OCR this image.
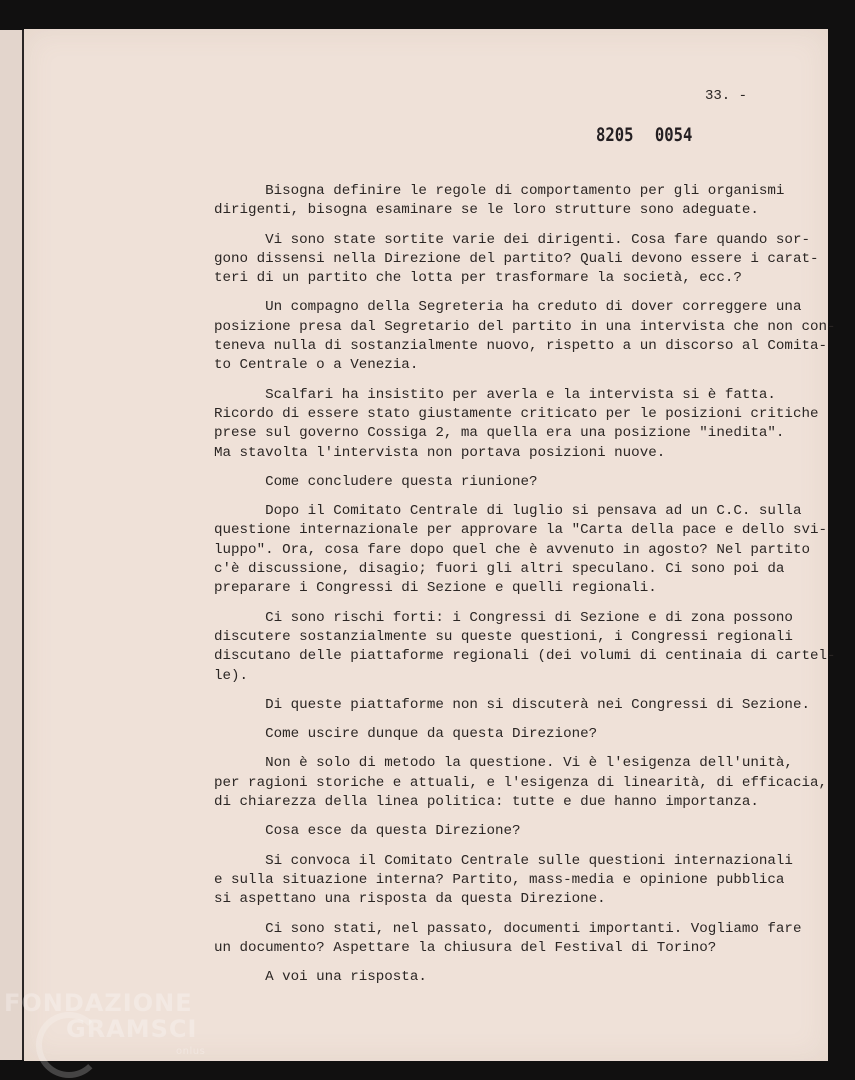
33. -
8205 0054

Bisogna definire le regole di comportamento per gli organismi
dirigenti, bisogna esaminare se le loro strutture sono adeguate.

Vi sono state sortite varie dei dirigenti. Cosa fare quando sor-
gono dissensi nella Direzione del partito? Quali devono essere i carat-
teri di un partito che lotta per trasformare la società, ecc.?

Un compagno della Segreteria ha creduto di dover correggere una
posizione presa dal Segretario del partito in una intervista che non
teneva nulla di sostanzialmente nuovo, rispetto a un discorso al
to Centrale o a Venezia.

Scalfari ha insistito per averla e la intervista si è fatta.
Ricordo di essere stato giustamente criticato per le posizioni critiche
prese sul governo Cossiga 2, ma quella era una posizione "inedita".
Ma stavolta l'intervista non portava posizioni nuove.

Come concludere questa riunione?

Dopo il Comitato Centrale di luglio si pensava ad un C.C. sulla
questione internazionale per approvare la "Carta della pace e dello
luppo". Ora, cosa fare dopo quel che è avvenuto in agosto? Nel partito
c'è discussione, disagio; fuori gli altri speculano. Ci sono poi da
preparare i Congressi di Sezione e quelli regionali.

Ci sono rischi forti: i Congressi di Sezione e di zona possono
discutere sostanzialmente su queste questioni, i Congressi regionali
discutano delle piattaforme regionali (dei volumi di centinaia di
le).

Di queste piattaforme non si discuterà nei Congressi di Sezione.

Come uscire dunque da questa Direzione?

Non è solo di metodo la questione. Vi è l'esigenza dell'unità,
per ragioni storiche e attuali, e l'esigenza di linearità, di efficacia,
di chiarezza della linea politica: tutte e due hanno importanza.

Cosa esce da questa Direzione?

Si convoca il Comitato Centrale sulle questioni internazionali
e sulla situazione interna? Partito, mass-media e opinione pubblica
si aspettano una risposta da questa Direzione.

Ci sono stati, nel passato, documenti importanti. Vogliamo fare
un documento? Aspettare la chiusura del Festival di Torino?

A voi una risposta.

FONDAZIONE
GRAMSCI
onlus
